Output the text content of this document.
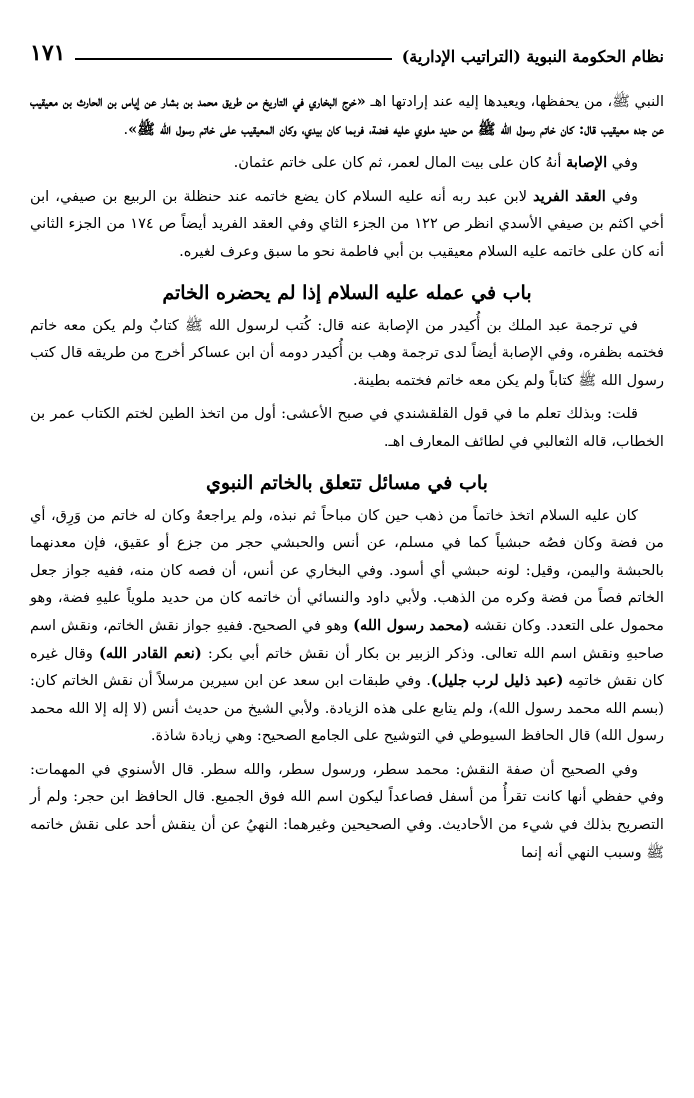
نظام الحكومة النبوية (التراتيب الإدارية)
١٧١

النبي ﷺ، من يحفظها، ويعيدها إليه عند إرادتها اهـ «خرج البخاري في التاريخ من طريق محمد بن بشار عن إياس بن الحارث بن معيقيب عن جده معيقيب قال: كان خاتم رسول الله ﷺ من حديد ملوي عليه فضة، فربما كان بيدي، وكان المعيقيب على خاتم رسول الله ﷺ».

وفي الإصابة أنهُ كان على بيت المال لعمر، ثم كان على خاتم عثمان.

وفي العقد الفريد لابن عبد ربه أنه عليه السلام كان يضع خاتمه عند حنظلة بن الربيع بن صيفي، ابن أخي اكثم بن صيفي الأسدي انظر ص ١٢٢ من الجزء الثاي وفي العقد الفريد أيضاً ص ١٧٤ من الجزء الثاني أنه كان على خاتمه عليه السلام معيقيب بن أبي فاطمة نحو ما سبق وعرف لغيره.

باب في عمله عليه السلام إذا لم يحضره الخاتم

في ترجمة عبد الملك بن أُكيدر من الإصابة عنه قال: كُتب لرسول الله ﷺ كتابٌ ولم يكن معه خاتم فختمه بظفره، وفي الإصابة أيضاً لدى ترجمة وهب بن أُكيدر دومه أن ابن عساكر أخرج من طريقه قال كتب رسول الله ﷺ كتاباً ولم يكن معه خاتم فختمه بطينة.

قلت: وبذلك تعلم ما في قول القلقشندي في صبح الأعشى: أول من اتخذ الطين لختم الكتاب عمر بن الخطاب، قاله الثعالبي في لطائف المعارف اهـ.

باب في مسائل تتعلق بالخاتم النبوي

كان عليه السلام اتخذ خاتماً من ذهب حين كان مباحاً ثم نبذه، ولم يراجعهُ وكان له خاتم من وَرِق، أي من فضة وكان فصُه حبشياً كما في مسلم، عن أنس والحبشي حجر من جزع أو عقيق، فإن معدنهما بالحبشة واليمن، وقيل: لونه حبشي أي أسود. وفي البخاري عن أنس، أن فصه كان منه، ففيه جواز جعل الخاتم فصاً من فضة وكره من الذهب. ولأبي داود والنسائي أن خاتمه كان من حديد ملوياً عليهِ فضة، وهو محمول على التعدد. وكان نقشه (محمد رسول الله) وهو في الصحيح. ففيهِ جواز نقش الخاتم، ونقش اسم صاحبهِ ونقش اسم الله تعالى. وذكر الزبير بن بكار أن نقش خاتم أبي بكر: (نعم القادر الله) وقال غيره كان نقش خاتمِه (عبد ذليل لرب جليل). وفي طبقات ابن سعد عن ابن سيرين مرسلاً أن نقش الخاتم كان: (بسم الله محمد رسول الله)، ولم يتابع على هذه الزيادة. ولأبي الشيخ من حديث أنس (لا إله إلا الله محمد رسول الله) قال الحافظ السيوطي في التوشيح على الجامع الصحيح: وهي زيادة شاذة.

وفي الصحيح أن صفة النقش: محمد سطر، ورسول سطر، والله سطر. قال الأسنوي في المهمات: وفي حفظي أنها كانت تقرأُ من أسفل فصاعداً ليكون اسم الله فوق الجميع. قال الحافظ ابن حجر: ولم أر التصريح بذلك في شيء من الأحاديث. وفي الصحيحين وغيرهما: النهيُ عن أن ينقش أحد على نقش خاتمه ﷺ وسبب النهي أنه إنما
